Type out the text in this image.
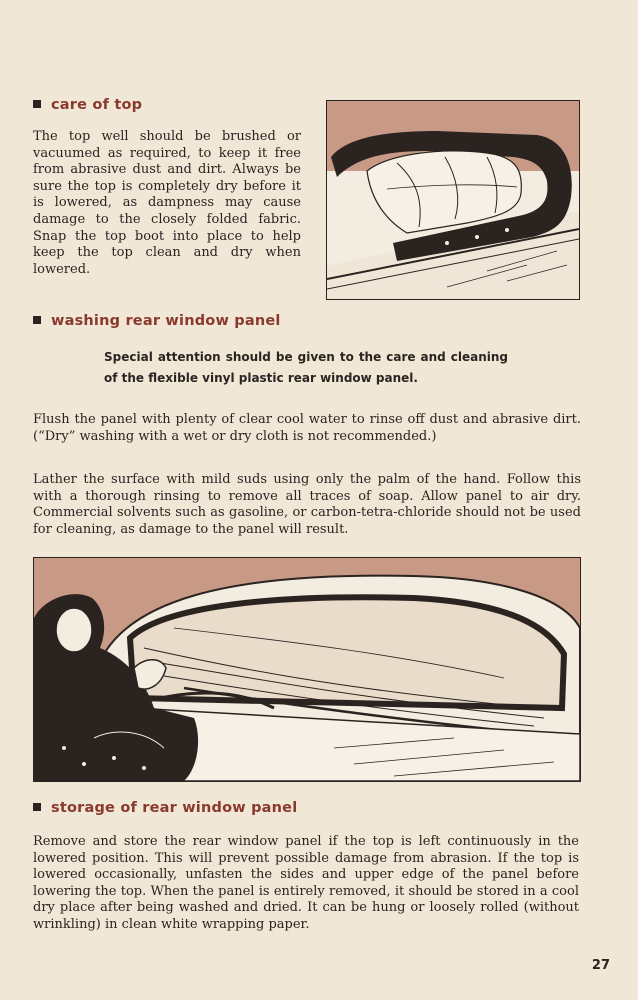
care of top
The top well should be brushed or vacuumed as required, to keep it free from abrasive dust and dirt. Always be sure the top is completely dry before it is lowered, as dampness may cause damage to the closely folded fabric. Snap the top boot into place to help keep the top clean and dry when lowered.
washing rear window panel
Special attention should be given to the care and cleaning of the flexible vinyl plastic rear window panel.
Flush the panel with plenty of clear cool water to rinse off dust and abrasive dirt. (“Dry” washing with a wet or dry cloth is not recommended.)
Lather the surface with mild suds using only the palm of the hand. Follow this with a thorough rinsing to remove all traces of soap. Allow panel to air dry. Commercial solvents such as gasoline, or carbon-tetra-chloride should not be used for cleaning, as damage to the panel will result.
storage of rear window panel
Remove and store the rear window panel if the top is left continuously in the lowered position. This will prevent possible damage from abrasion. If the top is lowered occasionally, unfasten the sides and upper edge of the panel before lowering the top. When the panel is entirely removed, it should be stored in a cool dry place after being washed and dried. It can be hung or loosely rolled (without wrinkling) in clean white wrapping paper.
27
